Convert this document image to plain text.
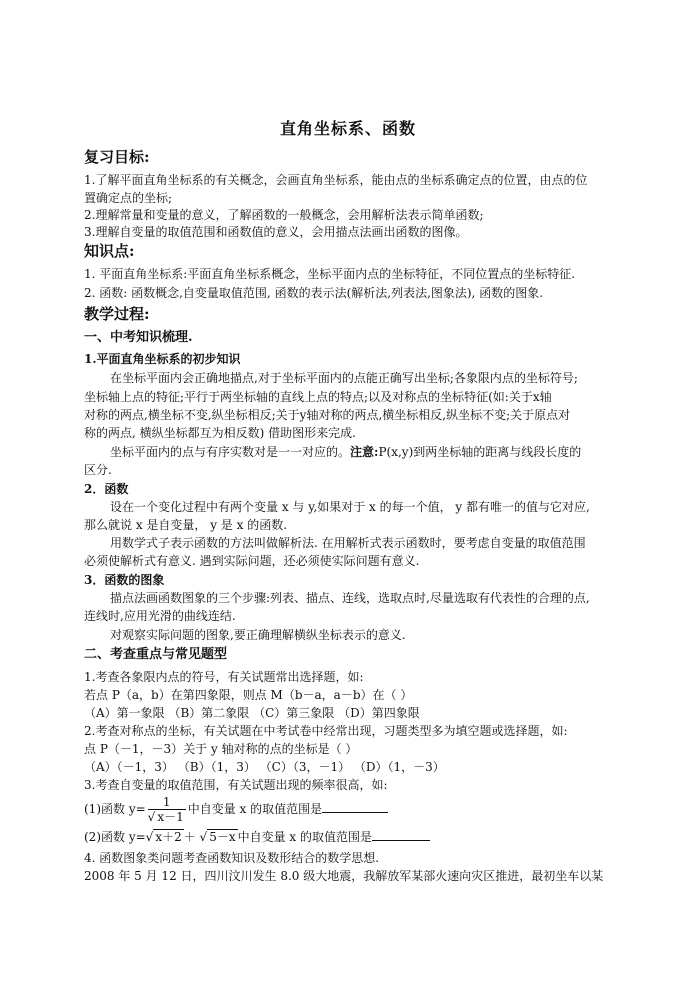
直角坐标系、函数
复习目标:
1.了解平面直角坐标系的有关概念，会画直角坐标系，能由点的坐标系确定点的位置，由点的位
置确定点的坐标;
2.理解常量和变量的意义，了解函数的一般概念，会用解析法表示简单函数;
3.理解自变量的取值范围和函数值的意义，会用描点法画出函数的图像。
知识点:
1. 平面直角坐标系:平面直角坐标系概念，坐标平面内点的坐标特征，不同位置点的坐标特征.
2. 函数: 函数概念,自变量取值范围, 函数的表示法(解析法,列表法,图象法), 函数的图象.
教学过程:
一、中考知识梳理.
1.平面直角坐标系的初步知识
在坐标平面内会正确地描点,对于坐标平面内的点能正确写出坐标;各象限内点的坐标符号;
坐标轴上点的特征;平行于两坐标轴的直线上点的特点;以及对称点的坐标特征(如:关于x轴
对称的两点,横坐标不变,纵坐标相反;关于y轴对称的两点,横坐标相反,纵坐标不变;关于原点对
称的两点, 横纵坐标都互为相反数) 借助图形来完成.
坐标平面内的点与有序实数对是一一对应的。注意:P(x,y)到两坐标轴的距离与线段长度的
区分.
2．函数
设在一个变化过程中有两个变量 x 与 y,如果对于 x 的每一个值， y 都有唯一的值与它对应,
那么就说 x 是自变量， y 是 x 的函数.
用数学式子表示函数的方法叫做解析法. 在用解析式表示函数时，要考虑自变量的取值范围
必须使解析式有意义. 遇到实际问题，还必须使实际问题有意义.
3．函数的图象
描点法画函数图象的三个步骤:列表、描点、连线，选取点时,尽量选取有代表性的合理的点,
连线时,应用光滑的曲线连结.
对观察实际问题的图象,要正确理解横纵坐标表示的意义.
二、考查重点与常见题型
1.考查各象限内点的符号，有关试题常出选择题，如:
若点 P（a，b）在第四象限，则点 M（b－a，a－b）在（ ）
（A）第一象限 （B）第二象限 （C）第三象限 （D）第四象限
2.考查对称点的坐标，有关试题在中考试卷中经常出现，习题类型多为填空题或选择题，如:
点 P（－1，－3）关于 y 轴对称的点的坐标是（ ）
（A）（－1，3） （B）（1，3） （C）（3，－1） （D）（1，－3）
3.考查自变量的取值范围，有关试题出现的频率很高，如:
(1)函数 $y= \frac{1}{√ x-1}$ 中自变量 x 的取值范围是
(2)函数 y=√ x＋2 ＋ √ 5－x 中自变量 x 的取值范围是
4. 函数图象类问题考查函数知识及数形结合的数学思想.
2008 年 5 月 12 日，四川汶川发生 8.0 级大地震，我解放军某部火速向灾区推进，最初坐车以某
